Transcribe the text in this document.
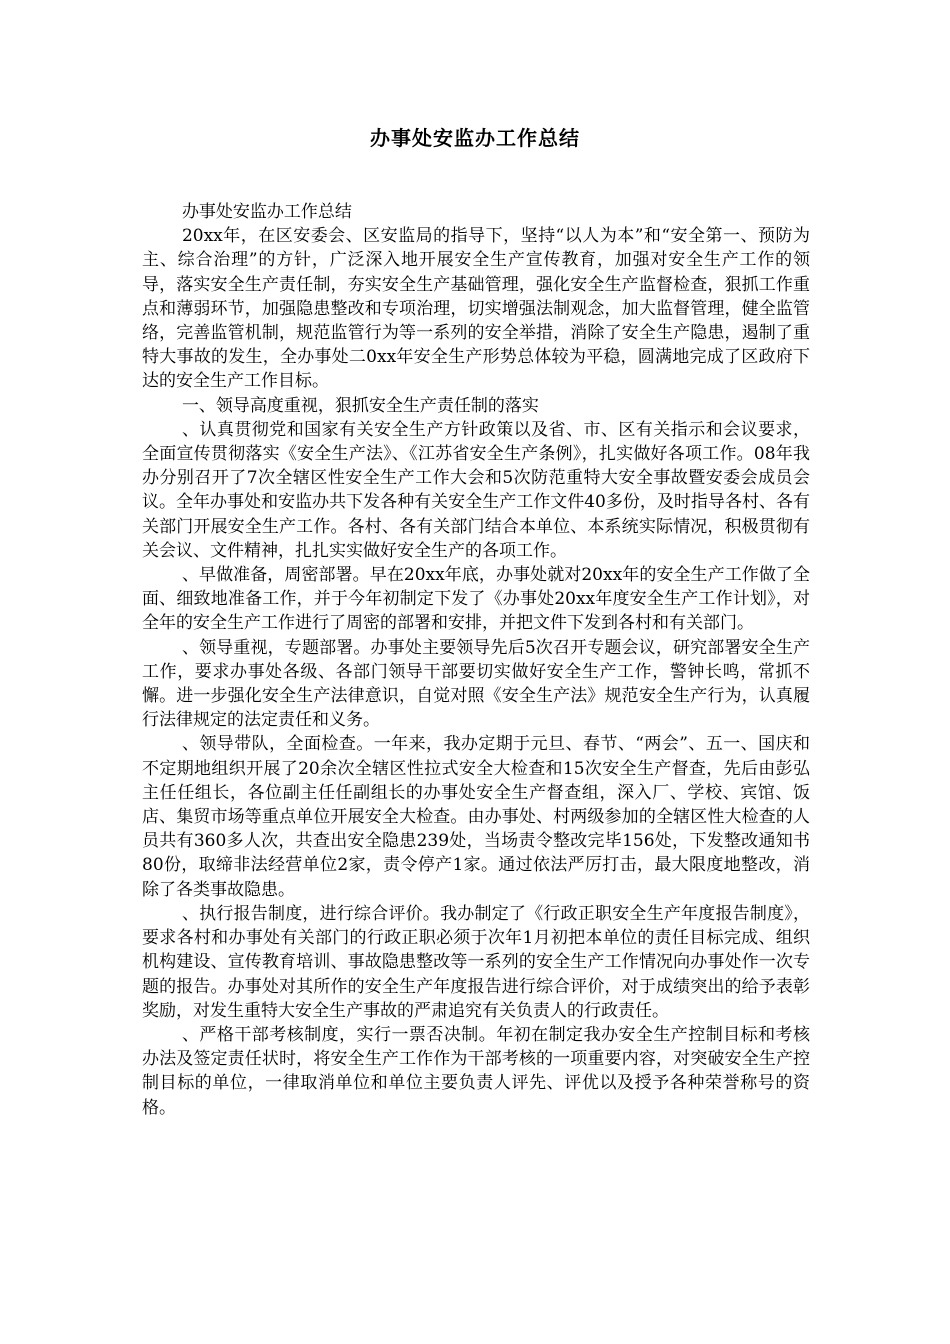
办事处安监办工作总结

办事处安监办工作总结

20xx年，在区安委会、区安监局的指导下，坚持“以人为本”和“安全第一、预防为主、综合治理”的方针，广泛深入地开展安全生产宣传教育，加强对安全生产工作的领导，落实安全生产责任制，夯实安全生产基础管理，强化安全生产监督检查，狠抓工作重点和薄弱环节，加强隐患整改和专项治理，切实增强法制观念，加大监督管理，健全监管络，完善监管机制，规范监管行为等一系列的安全举措，消除了安全生产隐患，遏制了重特大事故的发生，全办事处二0xx年安全生产形势总体较为平稳，圆满地完成了区政府下达的安全生产工作目标。

一、领导高度重视，狠抓安全生产责任制的落实

、认真贯彻党和国家有关安全生产方针政策以及省、市、区有关指示和会议要求，全面宣传贯彻落实《安全生产法》、《江苏省安全生产条例》，扎实做好各项工作。08年我办分别召开了7次全辖区性安全生产工作大会和5次防范重特大安全事故暨安委会成员会议。全年办事处和安监办共下发各种有关安全生产工作文件40多份，及时指导各村、各有关部门开展安全生产工作。各村、各有关部门结合本单位、本系统实际情况，积极贯彻有关会议、文件精神，扎扎实实做好安全生产的各项工作。

、早做准备，周密部署。早在20xx年底，办事处就对20xx年的安全生产工作做了全面、细致地准备工作，并于今年初制定下发了《办事处20xx年度安全生产工作计划》，对全年的安全生产工作进行了周密的部署和安排，并把文件下发到各村和有关部门。

、领导重视，专题部署。办事处主要领导先后5次召开专题会议，研究部署安全生产工作，要求办事处各级、各部门领导干部要切实做好安全生产工作，警钟长鸣，常抓不懈。进一步强化安全生产法律意识，自觉对照《安全生产法》规范安全生产行为，认真履行法律规定的法定责任和义务。

、领导带队，全面检查。一年来，我办定期于元旦、春节、“两会”、五一、国庆和不定期地组织开展了20余次全辖区性拉式安全大检查和15次安全生产督查，先后由彭弘主任任组长，各位副主任任副组长的办事处安全生产督查组，深入厂、学校、宾馆、饭店、集贸市场等重点单位开展安全大检查。由办事处、村两级参加的全辖区性大检查的人员共有360多人次，共查出安全隐患239处，当场责令整改完毕156处，下发整改通知书80份，取缔非法经营单位2家，责令停产1家。通过依法严厉打击，最大限度地整改，消除了各类事故隐患。

、执行报告制度，进行综合评价。我办制定了《行政正职安全生产年度报告制度》，要求各村和办事处有关部门的行政正职必须于次年1月初把本单位的责任目标完成、组织机构建设、宣传教育培训、事故隐患整改等一系列的安全生产工作情况向办事处作一次专题的报告。办事处对其所作的安全生产年度报告进行综合评价，对于成绩突出的给予表彰奖励，对发生重特大安全生产事故的严肃追究有关负责人的行政责任。

、严格干部考核制度，实行一票否决制。年初在制定我办安全生产控制目标和考核办法及签定责任状时，将安全生产工作作为干部考核的一项重要内容，对突破安全生产控制目标的单位，一律取消单位和单位主要负责人评先、评优以及授予各种荣誉称号的资格。
